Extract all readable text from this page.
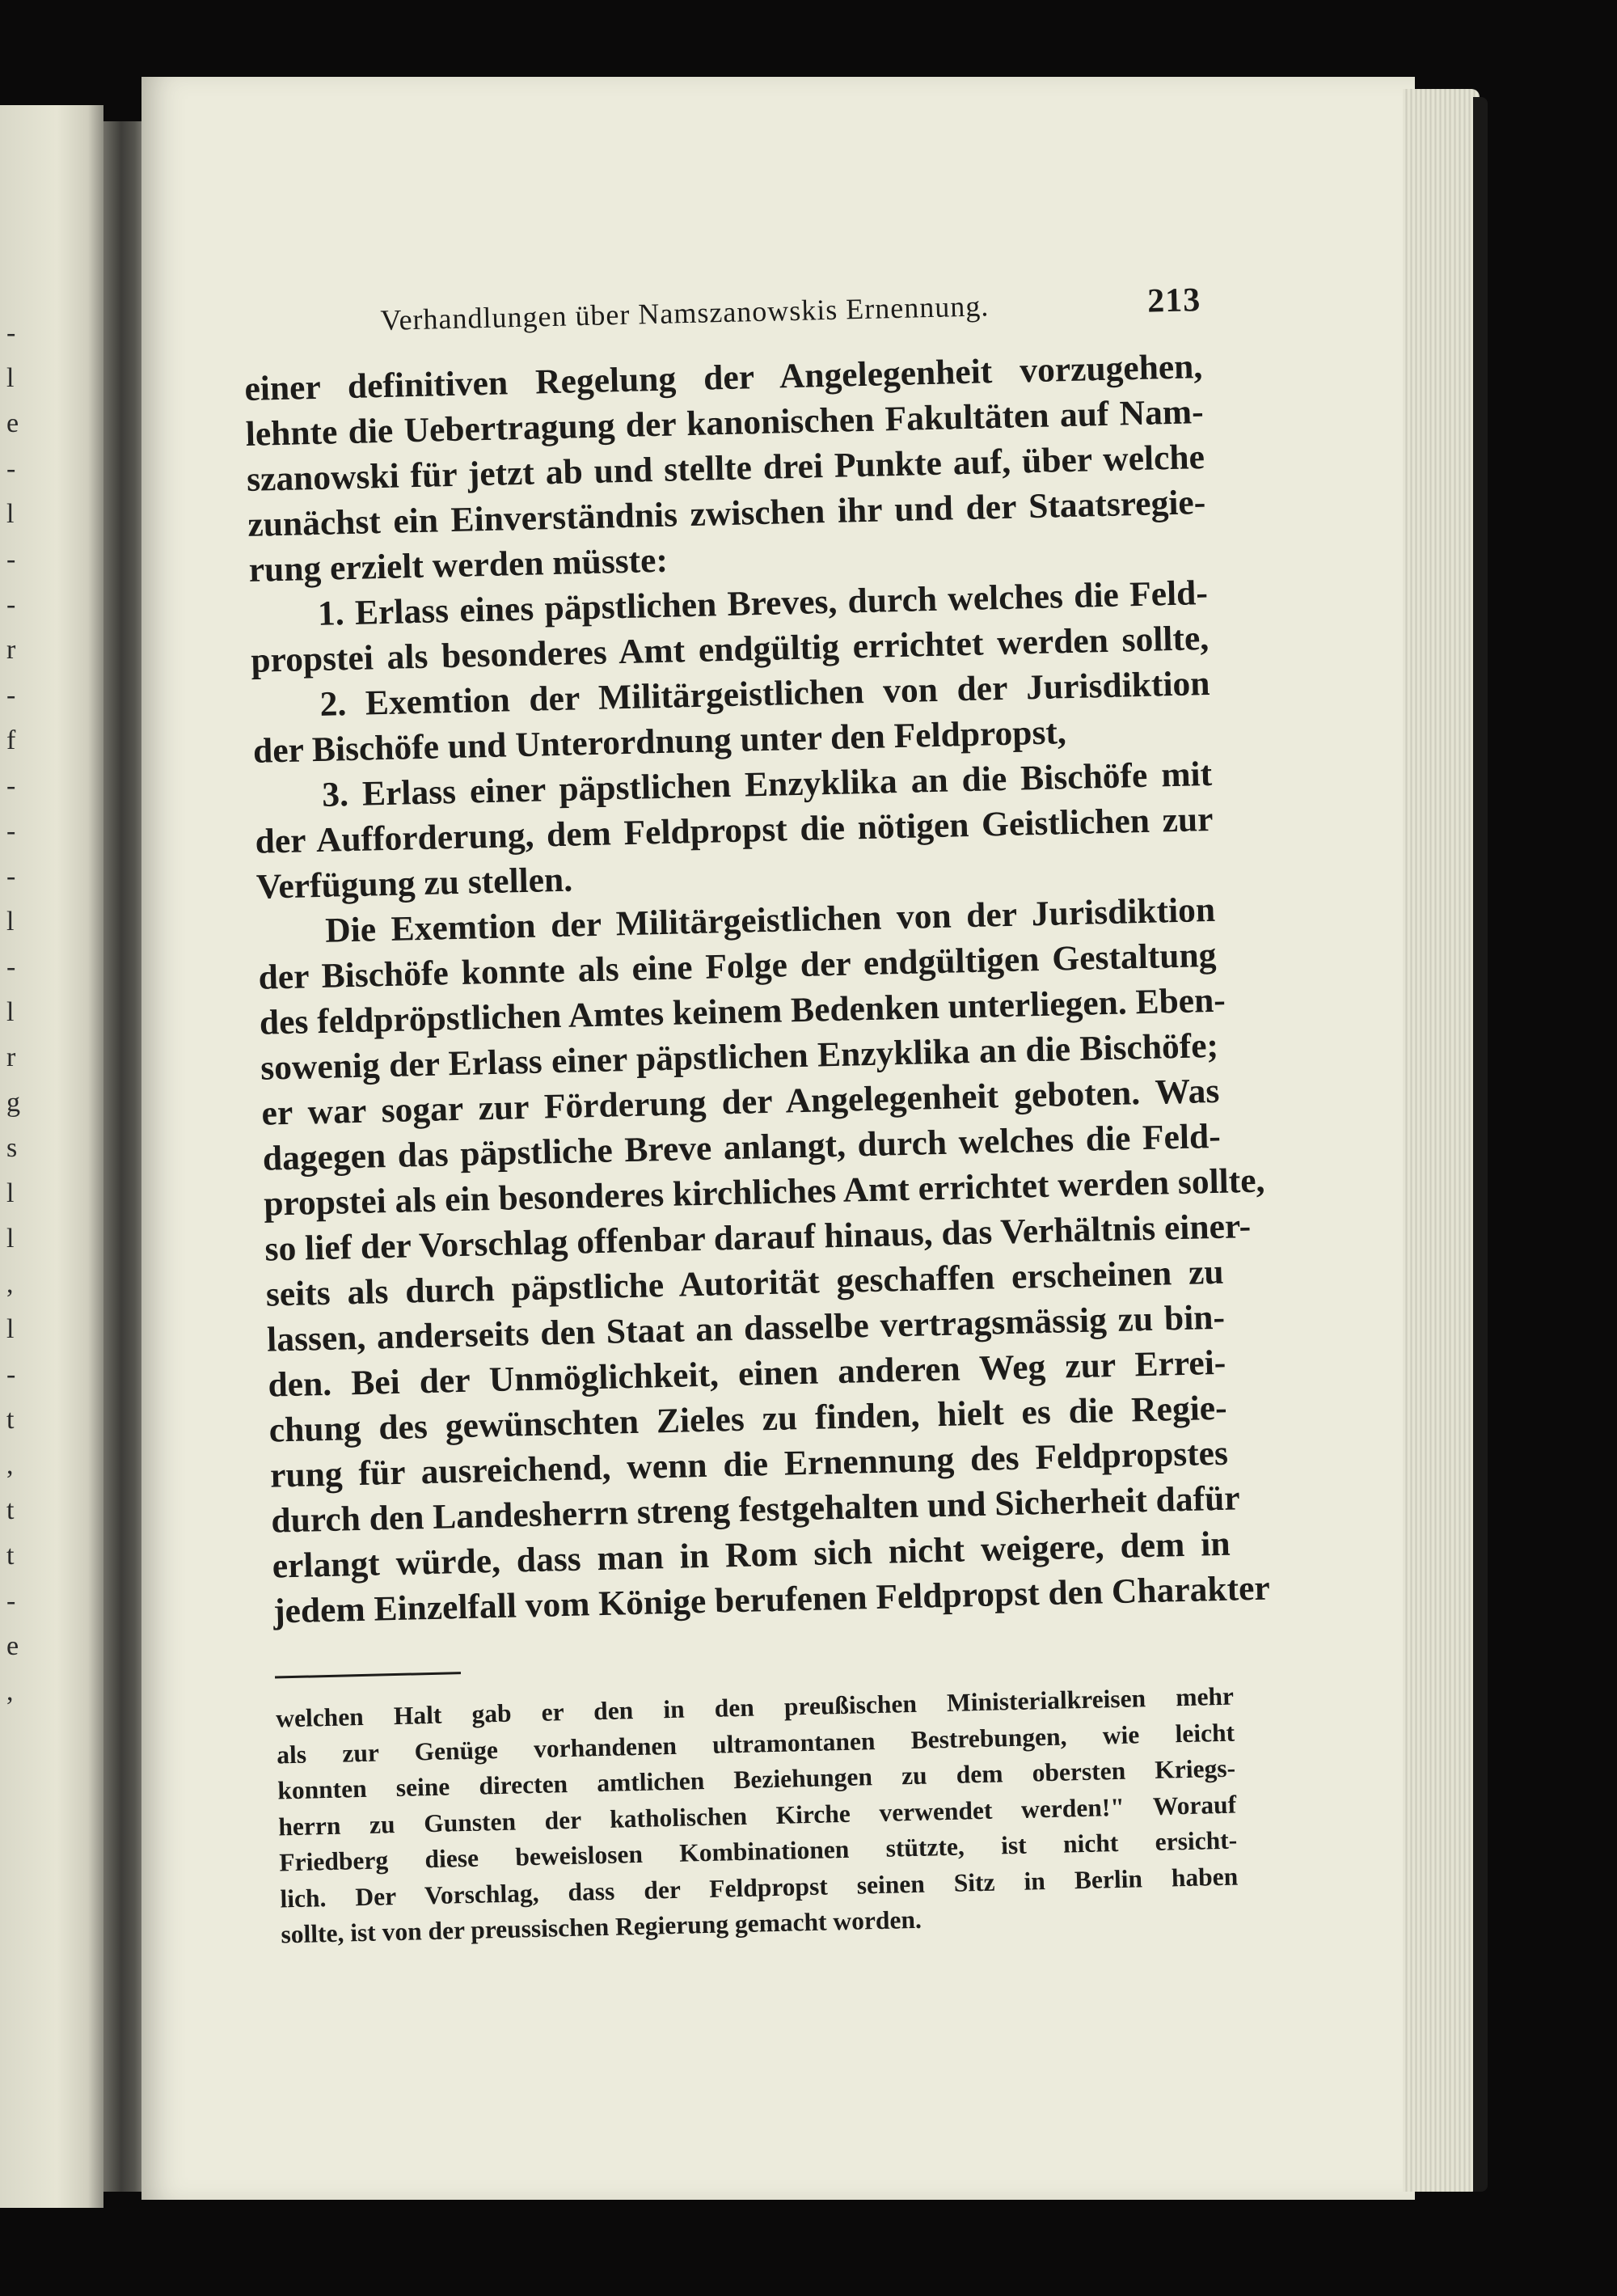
-
l
e
-
l
-
-
r
-
f
-
-
-
l
-
l
r
g
s
l
l
,
l
-
t
,
t
t
-
e
,
Verhandlungen über Namszanowskis Ernennung.	213
einer definitiven Regelung der Angelegenheit vorzugehen,
lehnte die Uebertragung der kanonischen Fakultäten auf Nam-
szanowski für jetzt ab und stellte drei Punkte auf, über welche
zunächst ein Einverständnis zwischen ihr und der Staatsregie-
rung erzielt werden müsste:
1. Erlass eines päpstlichen Breves, durch welches die Feld-
propstei als besonderes Amt endgültig errichtet werden sollte,
2. Exemtion der Militärgeistlichen von der Jurisdiktion
der Bischöfe und Unterordnung unter den Feldpropst,
3. Erlass einer päpstlichen Enzyklika an die Bischöfe mit
der Aufforderung, dem Feldpropst die nötigen Geistlichen zur
Verfügung zu stellen.
Die Exemtion der Militärgeistlichen von der Jurisdiktion
der Bischöfe konnte als eine Folge der endgültigen Gestaltung
des feldpröpstlichen Amtes keinem Bedenken unterliegen. Eben-
sowenig der Erlass einer päpstlichen Enzyklika an die Bischöfe;
er war sogar zur Förderung der Angelegenheit geboten. Was
dagegen das päpstliche Breve anlangt, durch welches die Feld-
propstei als ein besonderes kirchliches Amt errichtet werden sollte,
so lief der Vorschlag offenbar darauf hinaus, das Verhältnis einer-
seits als durch päpstliche Autorität geschaffen erscheinen zu
lassen, anderseits den Staat an dasselbe vertragsmässig zu bin-
den. Bei der Unmöglichkeit, einen anderen Weg zur Errei-
chung des gewünschten Zieles zu finden, hielt es die Regie-
rung für ausreichend, wenn die Ernennung des Feldpropstes
durch den Landesherrn streng festgehalten und Sicherheit dafür
erlangt würde, dass man in Rom sich nicht weigere, dem in
jedem Einzelfall vom Könige berufenen Feldpropst den Charakter
welchen Halt gab er den in den preußischen Ministerialkreisen mehr
als zur Genüge vorhandenen ultramontanen Bestrebungen, wie leicht
konnten seine directen amtlichen Beziehungen zu dem obersten Kriegs-
herrn zu Gunsten der katholischen Kirche verwendet werden!" Worauf
Friedberg diese beweislosen Kombinationen stützte, ist nicht ersicht-
lich. Der Vorschlag, dass der Feldpropst seinen Sitz in Berlin haben
sollte, ist von der preussischen Regierung gemacht worden.
